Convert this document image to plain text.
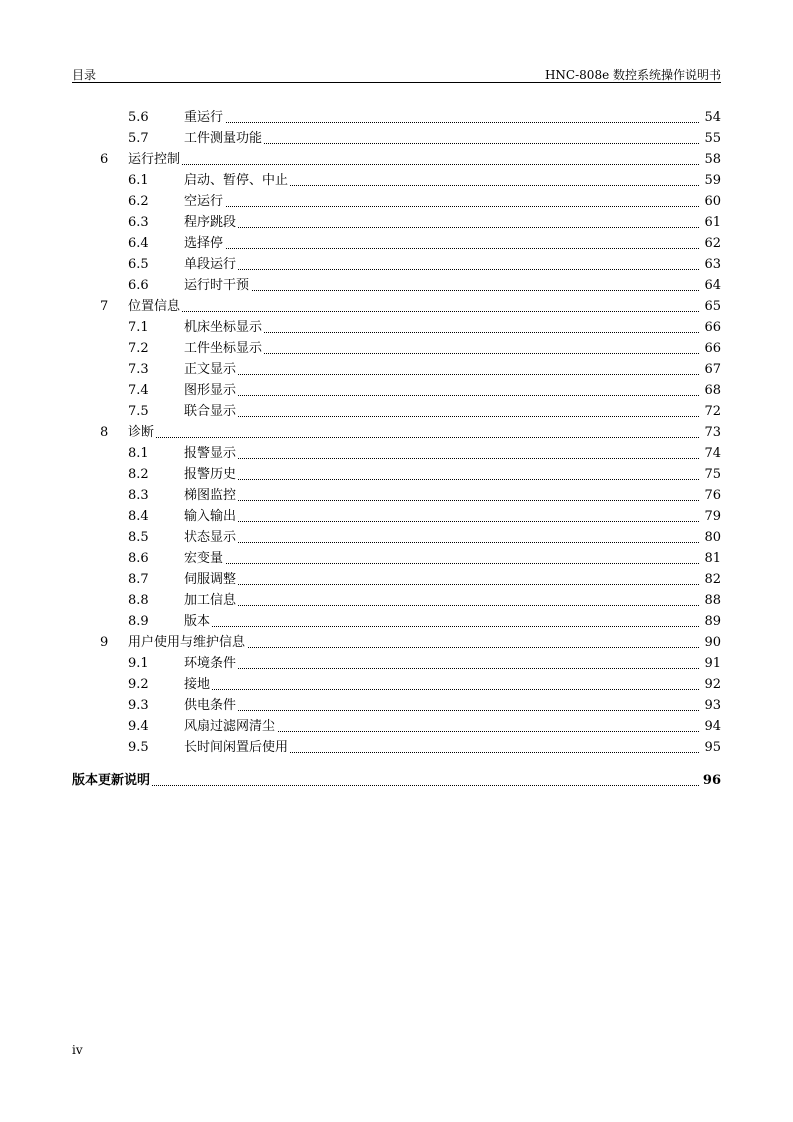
目录	HNC-808e 数控系统操作说明书
5.6	重运行	54
5.7	工件测量功能	55
6 运行控制	58
6.1	启动、暂停、中止	59
6.2	空运行	60
6.3	程序跳段	61
6.4	选择停	62
6.5	单段运行	63
6.6	运行时干预	64
7 位置信息	65
7.1	机床坐标显示	66
7.2	工件坐标显示	66
7.3	正文显示	67
7.4	图形显示	68
7.5	联合显示	72
8 诊断	73
8.1	报警显示	74
8.2	报警历史	75
8.3	梯图监控	76
8.4	输入输出	79
8.5	状态显示	80
8.6	宏变量	81
8.7	伺服调整	82
8.8	加工信息	88
8.9	版本	89
9 用户使用与维护信息	90
9.1	环境条件	91
9.2	接地	92
9.3	供电条件	93
9.4	风扇过滤网清尘	94
9.5	长时间闲置后使用	95
版本更新说明	96
iv
